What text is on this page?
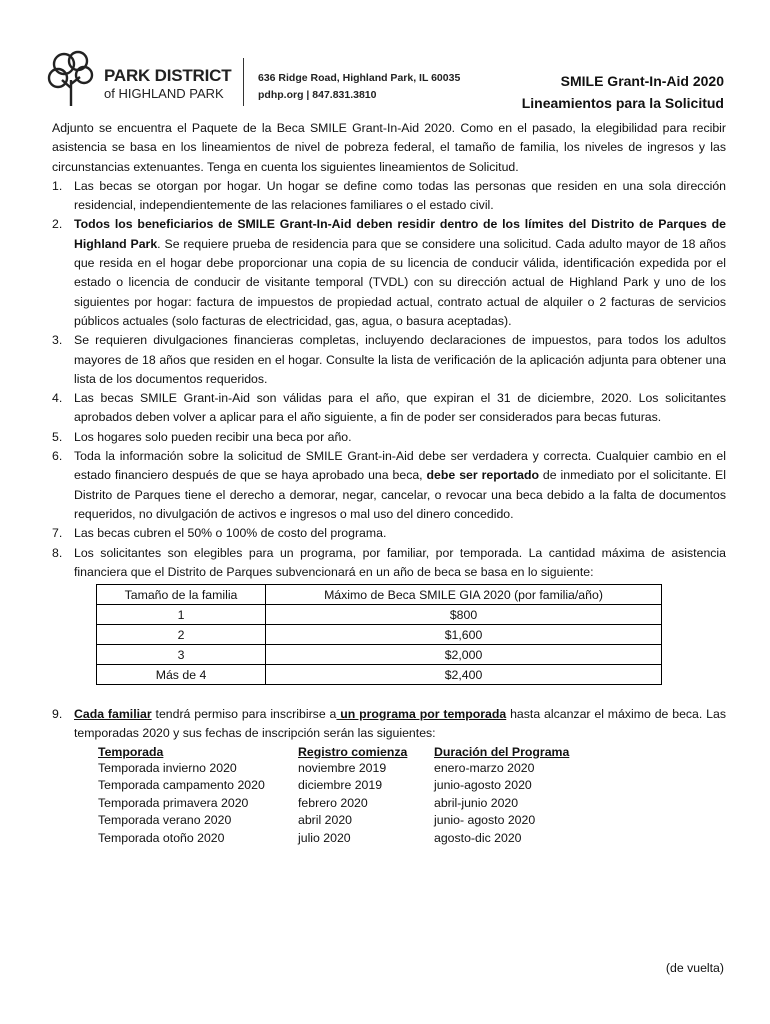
PARK DISTRICT
of HIGHLAND PARK
636 Ridge Road, Highland Park, IL 60035
pdhp.org | 847.831.3810
SMILE Grant-In-Aid 2020
Lineamientos para la Solicitud

Adjunto se encuentra el Paquete de la Beca SMILE Grant-In-Aid 2020. Como en el pasado, la elegibilidad para recibir asistencia se basa en los lineamientos de nivel de pobreza federal, el tamaño de familia, los niveles de ingresos y las circunstancias extenuantes. Tenga en cuenta los siguientes lineamientos de Solicitud.

1. Las becas se otorgan por hogar. Un hogar se define como todas las personas que residen en una sola dirección residencial, independientemente de las relaciones familiares o el estado civil.
2. Todos los beneficiarios de SMILE Grant-In-Aid deben residir dentro de los límites del Distrito de Parques de Highland Park. Se requiere prueba de residencia para que se considere una solicitud. Cada adulto mayor de 18 años que resida en el hogar debe proporcionar una copia de su licencia de conducir válida, identificación expedida por el estado o licencia de conducir de visitante temporal (TVDL) con su dirección actual de Highland Park y uno de los siguientes por hogar: factura de impuestos de propiedad actual, contrato actual de alquiler o 2 facturas de servicios públicos actuales (solo facturas de electricidad, gas, agua, o basura aceptadas).
3. Se requieren divulgaciones financieras completas, incluyendo declaraciones de impuestos, para todos los adultos mayores de 18 años que residen en el hogar. Consulte la lista de verificación de la aplicación adjunta para obtener una lista de los documentos requeridos.
4. Las becas SMILE Grant-in-Aid son válidas para el año, que expiran el 31 de diciembre, 2020. Los solicitantes aprobados deben volver a aplicar para el año siguiente, a fin de poder ser considerados para becas futuras.
5. Los hogares solo pueden recibir una beca por año.
6. Toda la información sobre la solicitud de SMILE Grant-in-Aid debe ser verdadera y correcta. Cualquier cambio en el estado financiero después de que se haya aprobado una beca, debe ser reportado de inmediato por el solicitante. El Distrito de Parques tiene el derecho a demorar, negar, cancelar, o revocar una beca debido a la falta de documentos requeridos, no divulgación de activos e ingresos o mal uso del dinero concedido.
7. Las becas cubren el 50% o 100% de costo del programa.
8. Los solicitantes son elegibles para un programa, por familiar, por temporada. La cantidad máxima de asistencia financiera que el Distrito de Parques subvencionará en un año de beca se basa en lo siguiente:
Tamaño de la familia	Máximo de Beca SMILE GIA 2020 (por familia/año)
1	$800
2	$1,600
3	$2,000
Más de 4	$2,400
9. Cada familiar tendrá permiso para inscribirse a un programa por temporada hasta alcanzar el máximo de beca. Las temporadas 2020 y sus fechas de inscripción serán las siguientes:
Temporada	Registro comienza	Duración del Programa
Temporada invierno 2020	noviembre 2019	enero-marzo 2020
Temporada campamento 2020	diciembre 2019	junio-agosto 2020
Temporada primavera 2020	febrero 2020	abril-junio 2020
Temporada verano 2020	abril 2020	junio- agosto 2020
Temporada otoño 2020	julio 2020	agosto-dic 2020
(de vuelta)
